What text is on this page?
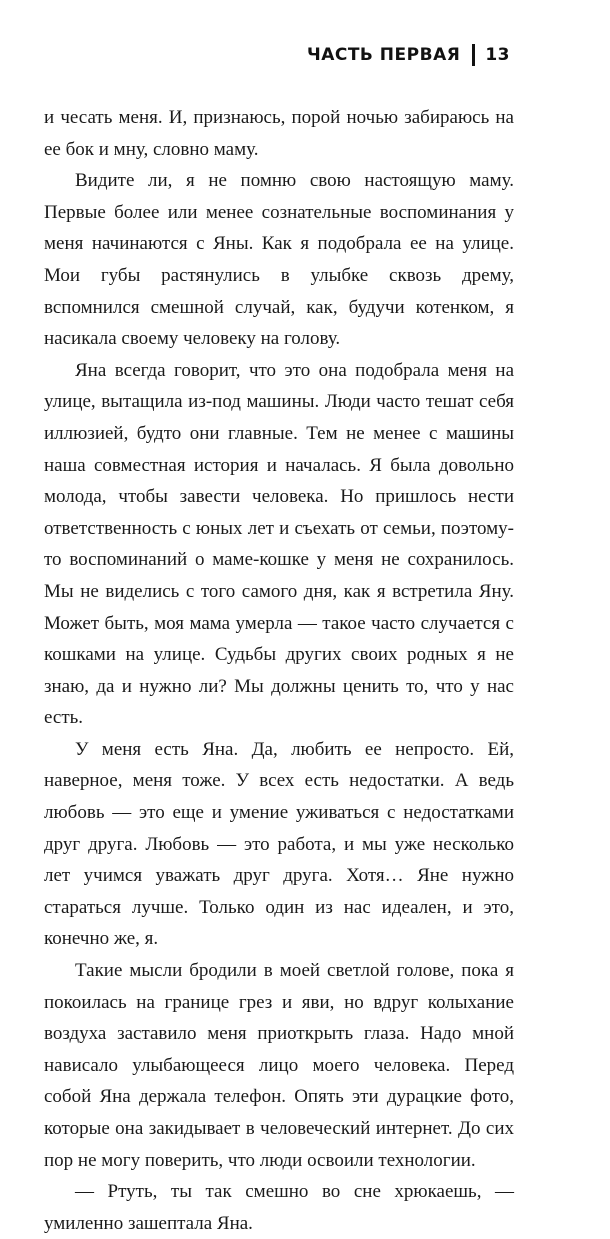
ЧАСТЬ ПЕРВАЯ 13

и чесать меня. И, признаюсь, порой ночью забираюсь на ее бок и мну, словно маму.

Видите ли, я не помню свою настоящую маму. Первые более или менее сознательные воспоминания у меня начинаются с Яны. Как я подобрала ее на улице. Мои губы растянулись в улыбке сквозь дрему, вспомнился смешной случай, как, будучи котенком, я насикала своему человеку на голову.

Яна всегда говорит, что это она подобрала меня на улице, вытащила из-под машины. Люди часто тешат себя иллюзией, будто они главные. Тем не менее с машины наша совместная история и началась. Я была довольно молода, чтобы завести человека. Но пришлось нести ответственность с юных лет и съехать от семьи, поэтому-то воспоминаний о маме-кошке у меня не сохранилось. Мы не виделись с того самого дня, как я встретила Яну. Может быть, моя мама умерла — такое часто случается с кошками на улице. Судьбы других своих родных я не знаю, да и нужно ли? Мы должны ценить то, что у нас есть.

У меня есть Яна. Да, любить ее непросто. Ей, наверное, меня тоже. У всех есть недостатки. А ведь любовь — это еще и умение уживаться с недостатками друг друга. Любовь — это работа, и мы уже несколько лет учимся уважать друг друга. Хотя… Яне нужно стараться лучше. Только один из нас идеален, и это, конечно же, я.

Такие мысли бродили в моей светлой голове, пока я покоилась на границе грез и яви, но вдруг колыхание воздуха заставило меня приоткрыть глаза. Надо мной нависало улыбающееся лицо моего человека. Перед собой Яна держала телефон. Опять эти дурацкие фото, которые она закидывает в человеческий интернет. До сих пор не могу поверить, что люди освоили технологии.

— Ртуть, ты так смешно во сне хрюкаешь, — умиленно зашептала Яна.
